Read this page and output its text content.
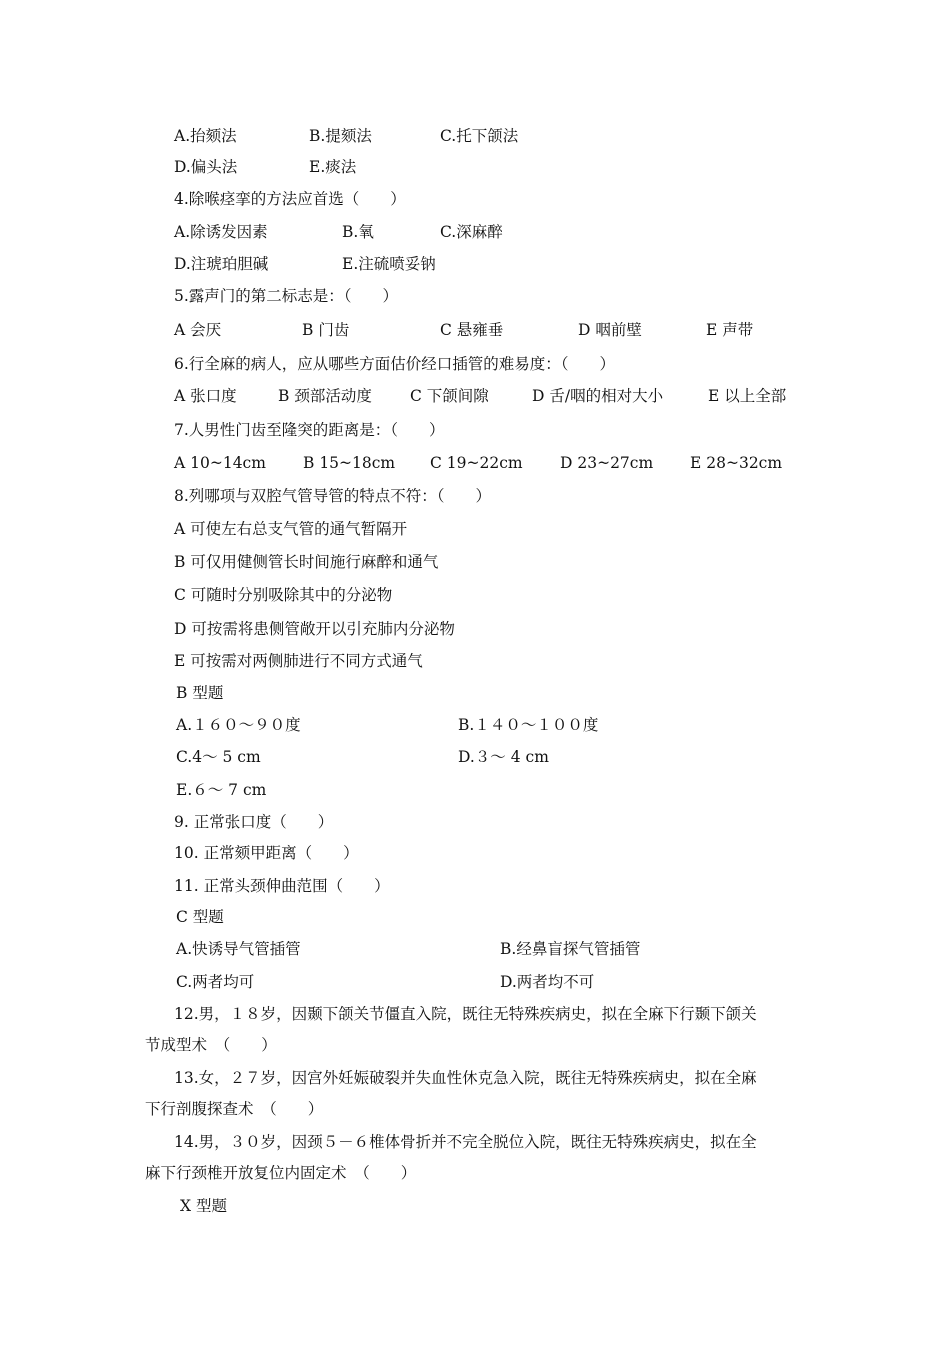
A.抬颏法	B.提颏法	C.托下颌法
D.偏头法	E.痰法
4.除喉痉挛的方法应首选（　　）
A.除诱发因素	B.氧	C.深麻醉
D.注琥珀胆碱	E.注硫喷妥钠
5.露声门的第二标志是：（　　）
A 会厌	B 门齿	C 悬雍垂	D 咽前壁	E 声带
6.行全麻的病人，应从哪些方面估价经口插管的难易度：（　　）
A 张口度	B 颈部活动度 C 下颌间隙	D 舌/咽的相对大小	E 以上全部
7.人男性门齿至隆突的距离是：（　　）
A 10~14cm B 15~18cm C 19~22cm D 23~27cm E 28~32cm
8.列哪项与双腔气管导管的特点不符：（　　）
A 可使左右总支气管的通气暂隔开
B 可仅用健侧管长时间施行麻醉和通气
C 可随时分别吸除其中的分泌物
D 可按需将患侧管敞开以引充肺内分泌物
E 可按需对两侧肺进行不同方式通气
B 型题
A.１６０～９０度	B.１４０～１００度
C.4～ 5 cm	D.３～ 4 cm
E.６～ 7 cm
9. 正常张口度（　　）
10. 正常颏甲距离（　　）
11. 正常头颈伸曲范围（　　）
C 型题
A.快诱导气管插管	B.经鼻盲探气管插管
C.两者均可	D.两者均不可
12.男，１８岁，因颞下颌关节僵直入院，既往无特殊疾病史，拟在全麻下行颞下颌关
节成型术　（　　）
13.女，２７岁，因宫外妊娠破裂并失血性休克急入院，既往无特殊疾病史，拟在全麻
下行剖腹探查术　（　　）
14.男，３０岁，因颈５－６椎体骨折并不完全脱位入院，既往无特殊疾病史，拟在全
麻下行颈椎开放复位内固定术　（　　）
X 型题
